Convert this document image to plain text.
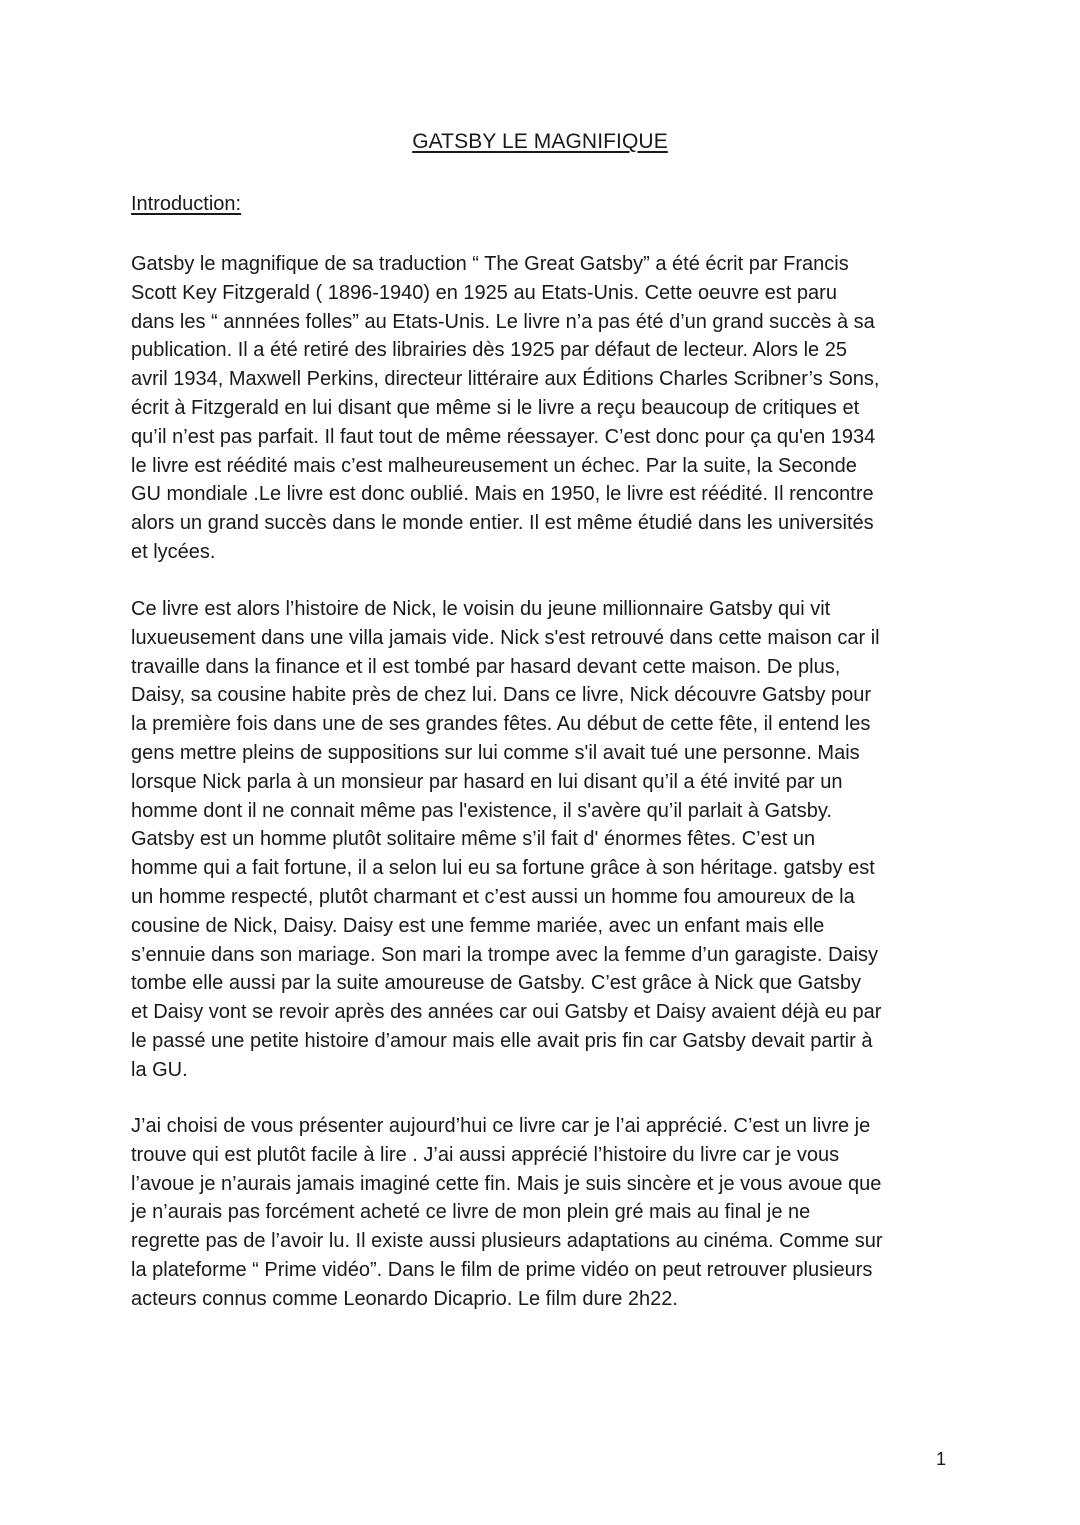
GATSBY LE MAGNIFIQUE
Introduction:
Gatsby le magnifique de sa traduction “ The Great Gatsby” a été écrit par Francis
Scott Key Fitzgerald ( 1896-1940) en 1925 au Etats-Unis. Cette oeuvre est paru
dans les “ annnées folles” au Etats-Unis. Le livre n’a pas été d’un grand succès à sa
publication. Il a été retiré des librairies dès 1925 par défaut de lecteur. Alors le 25
avril 1934, Maxwell Perkins, directeur littéraire aux Éditions Charles Scribner’s Sons,
écrit à Fitzgerald en lui disant que même si le livre a reçu beaucoup de critiques et
qu’il n’est pas parfait. Il faut tout de même réessayer. C’est donc pour ça qu'en 1934
le livre est réédité mais c’est malheureusement un échec. Par la suite, la Seconde
GU mondiale .Le livre est donc oublié. Mais en 1950, le livre est réédité. Il rencontre
alors un grand succès dans le monde entier. Il est même étudié dans les universités
et lycées.
Ce livre est alors l’histoire de Nick, le voisin du jeune millionnaire Gatsby qui vit
luxueusement dans une villa jamais vide. Nick s'est retrouvé dans cette maison car il
travaille dans la finance et il est tombé par hasard devant cette maison. De plus,
Daisy, sa cousine habite près de chez lui. Dans ce livre, Nick découvre Gatsby pour
la première fois dans une de ses grandes fêtes. Au début de cette fête, il entend les
gens mettre pleins de suppositions sur lui comme s'il avait tué une personne. Mais
lorsque Nick parla à un monsieur par hasard en lui disant qu’il a été invité par un
homme dont il ne connait même pas l'existence, il s'avère qu’il parlait à Gatsby.
Gatsby est un homme plutôt solitaire même s’il fait d' énormes fêtes. C’est un
homme qui a fait fortune, il a selon lui eu sa fortune grâce à son héritage. gatsby est
un homme respecté, plutôt charmant et c’est aussi un homme fou amoureux de la
cousine de Nick, Daisy. Daisy est une femme mariée, avec un enfant mais elle
s’ennuie dans son mariage. Son mari la trompe avec la femme d’un garagiste. Daisy
tombe elle aussi par la suite amoureuse de Gatsby. C’est grâce à Nick que Gatsby
et Daisy vont se revoir après des années car oui Gatsby et Daisy avaient déjà eu par
le passé une petite histoire d’amour mais elle avait pris fin car Gatsby devait partir à
la GU.
J’ai choisi de vous présenter aujourd’hui ce livre car je l’ai apprécié. C’est un livre je
trouve qui est plutôt facile à lire . J’ai aussi apprécié l’histoire du livre car je vous
l’avoue je n’aurais jamais imaginé cette fin. Mais je suis sincère et je vous avoue que
je n’aurais pas forcément acheté ce livre de mon plein gré mais au final je ne
regrette pas de l’avoir lu. Il existe aussi plusieurs adaptations au cinéma. Comme sur
la plateforme “ Prime vidéo”. Dans le film de prime vidéo on peut retrouver plusieurs
acteurs connus comme Leonardo Dicaprio. Le film dure 2h22.
1
